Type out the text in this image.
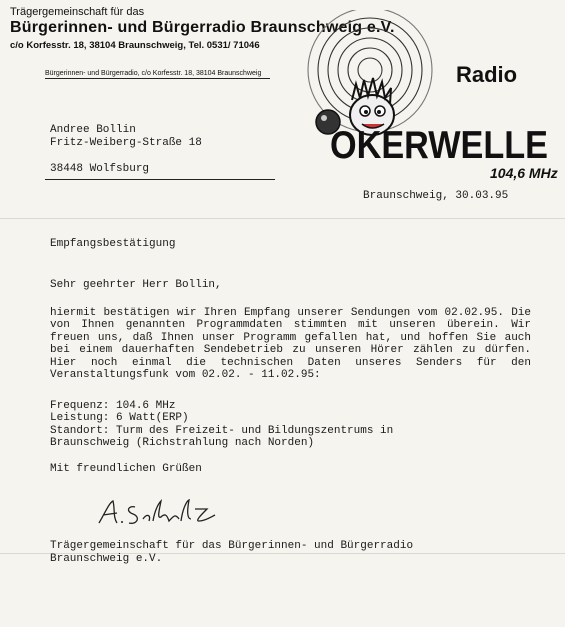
Trägergemeinschaft für das
Bürgerinnen- und Bürgerradio Braunschweig e.V.
c/o Korfesstr. 18, 38104 Braunschweig, Tel. 0531/ 71046
Bürgerinnen- und Bürgerradio, c/o Korfesstr. 18, 38104 Braunschweig	Radio
OKERWELLE
104,6 MHz
Andree Bollin
Fritz-Weiberg-Straße 18
38448 Wolfsburg
Braunschweig, 30.03.95
Empfangsbestätigung
Sehr geehrter Herr Bollin,
hiermit bestätigen wir Ihren Empfang unserer Sendungen vom 02.02.95. Die von Ihnen genannten Programmdaten stimmten mit unseren überein. Wir freuen uns, daß Ihnen unser Programm gefallen hat, und hoffen Sie auch bei einem dauerhaften Sendebetrieb zu unseren Hörer zählen zu dürfen. Hier noch einmal die technischen Daten unseres Senders für den Veranstaltungsfunk vom 02.02. - 11.02.95:
Frequenz: 104.6 MHz
Leistung: 6 Watt(ERP)
Standort: Turm des Freizeit- und Bildungszentrums in
Braunschweig (Richstrahlung nach Norden)
Mit freundlichen Grüßen
Trägergemeinschaft für das Bürgerinnen- und Bürgerradio
Braunschweig e.V.
